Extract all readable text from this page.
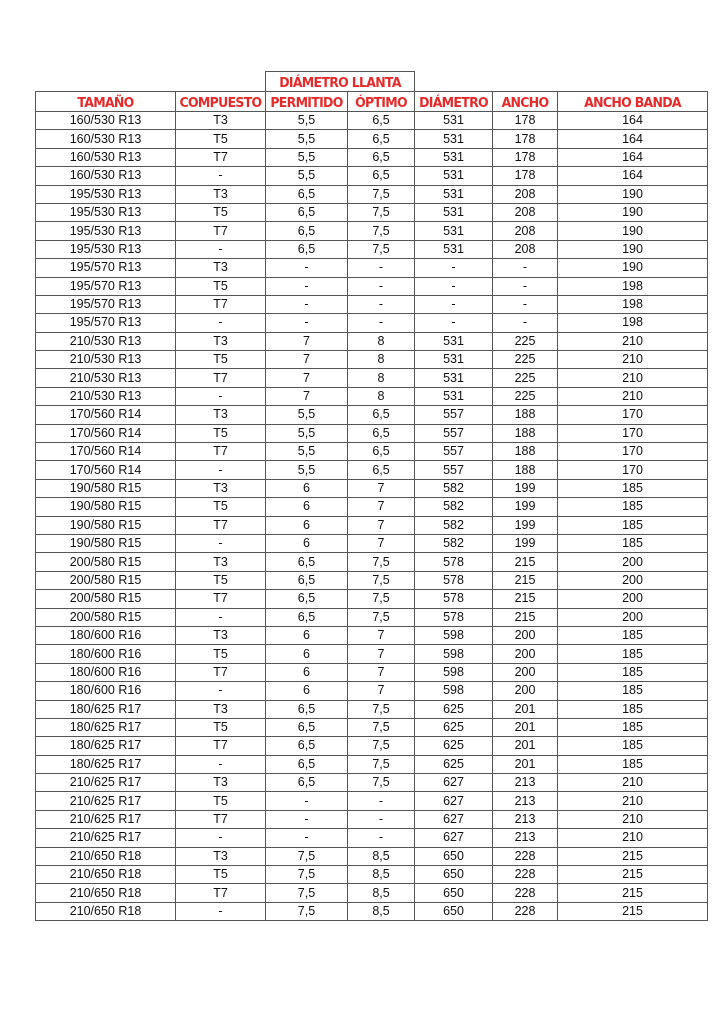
		DIÁMETRO LLANTA				
TAMAÑO	COMPUESTO	PERMITIDO	ÓPTIMO	DIÁMETRO	ANCHO	ANCHO BANDA
160/530 R13	T3	5,5	6,5	531	178	164
160/530 R13	T5	5,5	6,5	531	178	164
160/530 R13	T7	5,5	6,5	531	178	164
160/530 R13	-	5,5	6,5	531	178	164
195/530 R13	T3	6,5	7,5	531	208	190
195/530 R13	T5	6,5	7,5	531	208	190
195/530 R13	T7	6,5	7,5	531	208	190
195/530 R13	-	6,5	7,5	531	208	190
195/570 R13	T3	-	-	-	-	190
195/570 R13	T5	-	-	-	-	198
195/570 R13	T7	-	-	-	-	198
195/570 R13	-	-	-	-	-	198
210/530 R13	T3	7	8	531	225	210
210/530 R13	T5	7	8	531	225	210
210/530 R13	T7	7	8	531	225	210
210/530 R13	-	7	8	531	225	210
170/560 R14	T3	5,5	6,5	557	188	170
170/560 R14	T5	5,5	6,5	557	188	170
170/560 R14	T7	5,5	6,5	557	188	170
170/560 R14	-	5,5	6,5	557	188	170
190/580 R15	T3	6	7	582	199	185
190/580 R15	T5	6	7	582	199	185
190/580 R15	T7	6	7	582	199	185
190/580 R15	-	6	7	582	199	185
200/580 R15	T3	6,5	7,5	578	215	200
200/580 R15	T5	6,5	7,5	578	215	200
200/580 R15	T7	6,5	7,5	578	215	200
200/580 R15	-	6,5	7,5	578	215	200
180/600 R16	T3	6	7	598	200	185
180/600 R16	T5	6	7	598	200	185
180/600 R16	T7	6	7	598	200	185
180/600 R16	-	6	7	598	200	185
180/625 R17	T3	6,5	7,5	625	201	185
180/625 R17	T5	6,5	7,5	625	201	185
180/625 R17	T7	6,5	7,5	625	201	185
180/625 R17	-	6,5	7,5	625	201	185
210/625 R17	T3	6,5	7,5	627	213	210
210/625 R17	T5	-	-	627	213	210
210/625 R17	T7	-	-	627	213	210
210/625 R17	-	-	-	627	213	210
210/650 R18	T3	7,5	8,5	650	228	215
210/650 R18	T5	7,5	8,5	650	228	215
210/650 R18	T7	7,5	8,5	650	228	215
210/650 R18	-	7,5	8,5	650	228	215
